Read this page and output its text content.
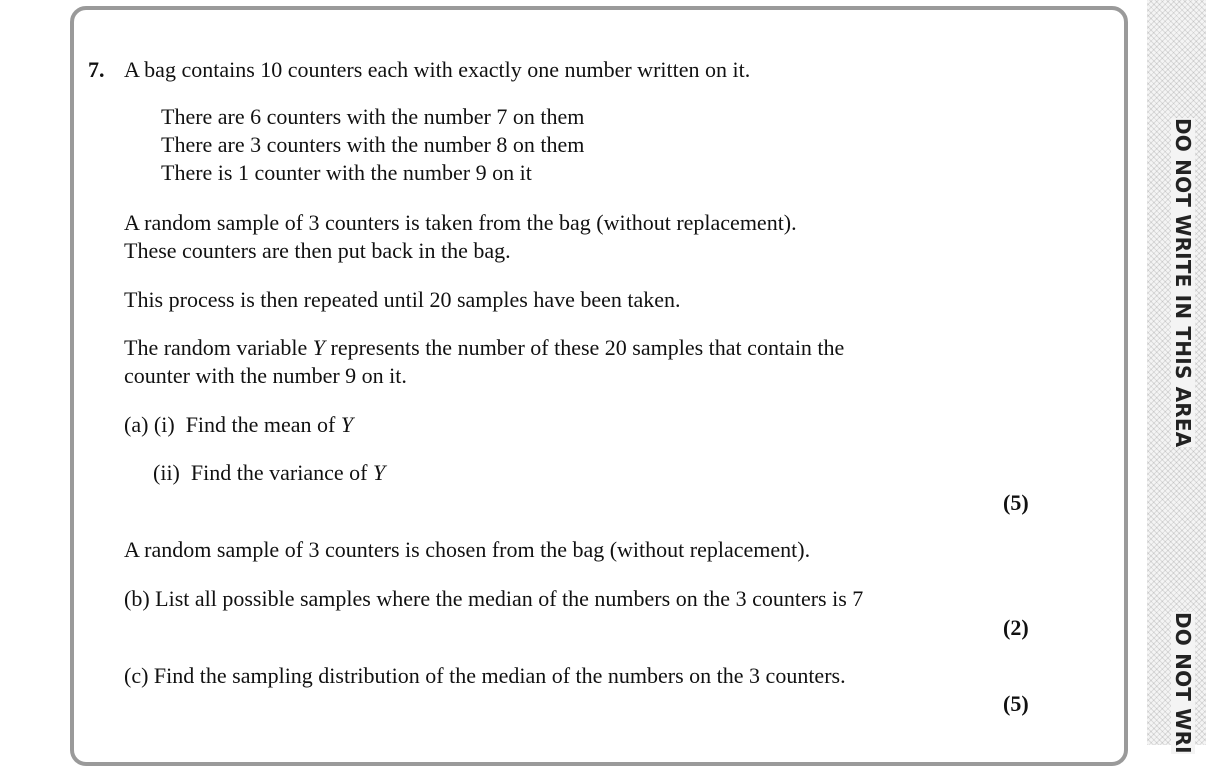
DO NOT WRITE IN THIS AREA
DO NOT WRI
7. A bag contains 10 counters each with exactly one number written on it.
There are 6 counters with the number 7 on them
There are 3 counters with the number 8 on them
There is 1 counter with the number 9 on it
A random sample of 3 counters is taken from the bag (without replacement).
These counters are then put back in the bag.
This process is then repeated until 20 samples have been taken.
The random variable Y represents the number of these 20 samples that contain the
counter with the number 9 on it.
(a) (i) Find the mean of Y
(ii) Find the variance of Y
(5)
A random sample of 3 counters is chosen from the bag (without replacement).
(b) List all possible samples where the median of the numbers on the 3 counters is 7
(2)
(c) Find the sampling distribution of the median of the numbers on the 3 counters.
(5)
